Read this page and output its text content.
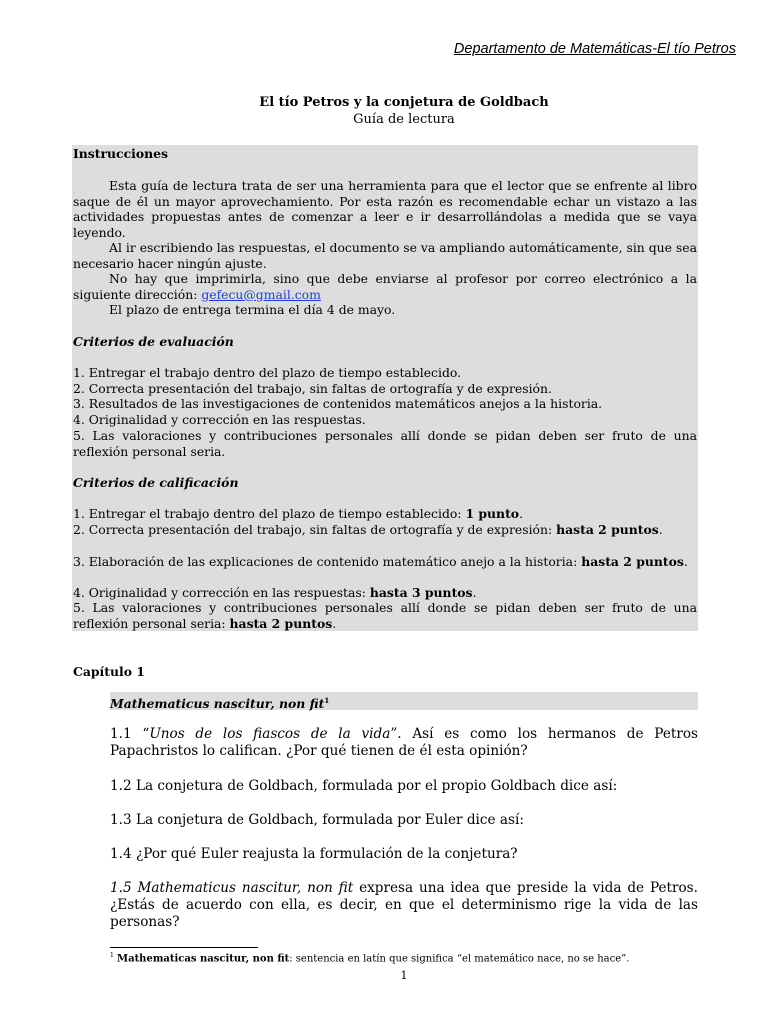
Departamento de Matemáticas-El tío Petros
El tío Petros y la conjetura de Goldbach
Guía de lectura

Instrucciones

Esta guía de lectura trata de ser una herramienta para que el lector que se enfrente al libro saque de él un mayor aprovechamiento. Por esta razón es recomendable echar un vistazo a las actividades propuestas antes de comenzar a leer e ir desarrollándolas a medida que se vaya leyendo.

Al ir escribiendo las respuestas, el documento se va ampliando automáticamente, sin que sea necesario hacer ningún ajuste.

No hay que imprimirla, sino que debe enviarse al profesor por correo electrónico a la siguiente dirección: gefecu@gmail.com

El plazo de entrega termina el día 4 de mayo.

Criterios de evaluación

1. Entregar el trabajo dentro del plazo de tiempo establecido.

2. Correcta presentación del trabajo, sin faltas de ortografía y de expresión.

3. Resultados de las investigaciones de contenidos matemáticos anejos a la historia.

4. Originalidad y corrección en las respuestas.

5. Las valoraciones y contribuciones personales allí donde se pidan deben ser fruto de una reflexión personal seria.

Criterios de calificación

1. Entregar el trabajo dentro del plazo de tiempo establecido: 1 punto.

2. Correcta presentación del trabajo, sin faltas de ortografía y de expresión: hasta 2 puntos.

3. Elaboración de las explicaciones de contenido matemático anejo a la historia: hasta 2 puntos.

4. Originalidad y corrección en las respuestas: hasta 3 puntos.

5. Las valoraciones y contribuciones personales allí donde se pidan deben ser fruto de una reflexión personal seria: hasta 2 puntos.

Capítulo 1
Mathematicus nascitur, non fit$^1$

1.1 “Unos de los fiascos de la vida”. Así es como los hermanos de Petros Papachristos lo califican. ¿Por qué tienen de él esta opinión?

1.2 La conjetura de Goldbach, formulada por el propio Goldbach dice así:

1.3 La conjetura de Goldbach, formulada por Euler dice así:

1.4 ¿Por qué Euler reajusta la formulación de la conjetura?

1.5 Mathematicus nascitur, non fit expresa una idea que preside la vida de Petros. ¿Estás de acuerdo con ella, es decir, en que el determinismo rige la vida de las personas?

$^1$ Mathematicas nascitur, non fit: sentencia en latín que significa “el matemático nace, no se hace”.
1
